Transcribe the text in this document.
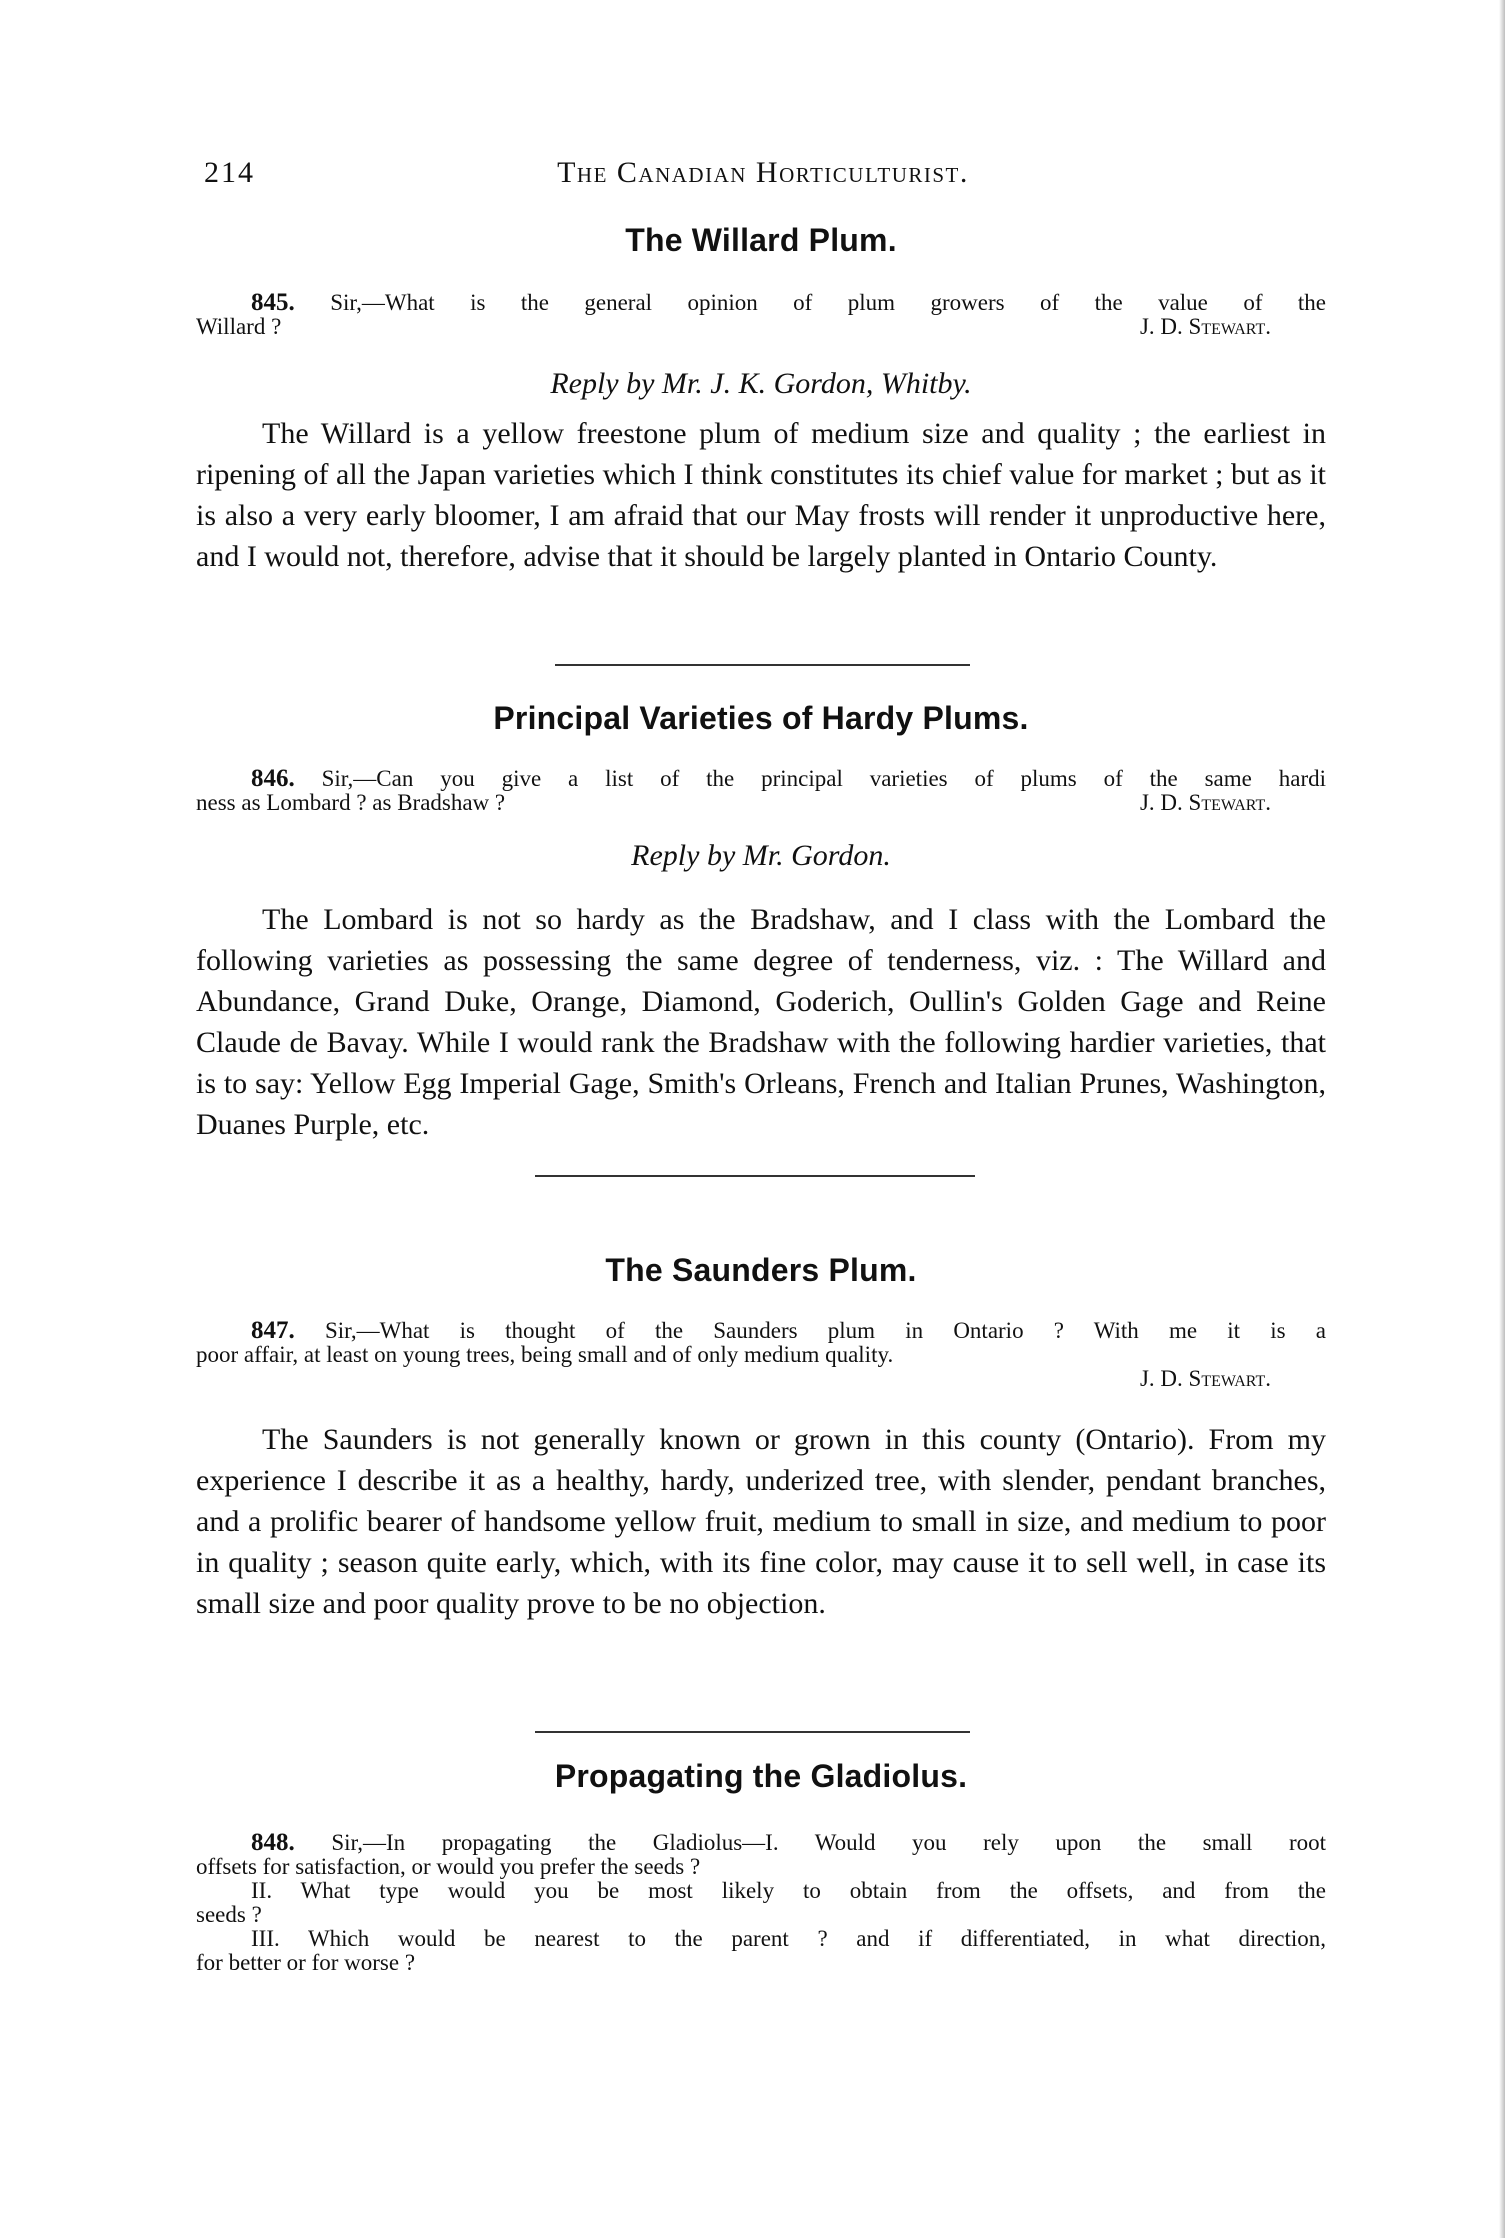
214	The Canadian Horticulturist.
The Willard Plum.
845. Sir,—What is the general opinion of plum growers of the value of the
Willard ?	J. D. Stewart.
Reply by Mr. J. K. Gordon, Whitby.

The Willard is a yellow freestone plum of medium size and quality ; the earliest in ripening of all the Japan varieties which I think constitutes its chief value for market ; but as it is also a very early bloomer, I am afraid that our May frosts will render it unproductive here, and I would not, therefore, advise that it should be largely planted in Ontario County.

Principal Varieties of Hardy Plums.
846. Sir,—Can you give a list of the principal varieties of plums of the same hardi
ness as Lombard ? as Bradshaw ?	J. D. Stewart.
Reply by Mr. Gordon.

The Lombard is not so hardy as the Bradshaw, and I class with the Lombard the following varieties as possessing the same degree of tenderness, viz. : The Willard and Abundance, Grand Duke, Orange, Diamond, Goderich, Oullin's Golden Gage and Reine Claude de Bavay. While I would rank the Bradshaw with the following hardier varieties, that is to say: Yellow Egg Imperial Gage, Smith's Orleans, French and Italian Prunes, Washington, Duanes Purple, etc.

The Saunders Plum.
847. Sir,—What is thought of the Saunders plum in Ontario ? With me it is a
poor affair, at least on young trees, being small and of only medium quality.
J. D. Stewart.

The Saunders is not generally known or grown in this county (Ontario). From my experience I describe it as a healthy, hardy, underized tree, with slender, pendant branches, and a prolific bearer of handsome yellow fruit, medium to small in size, and medium to poor in quality ; season quite early, which, with its fine color, may cause it to sell well, in case its small size and poor quality prove to be no objection.

Propagating the Gladiolus.
848. Sir,—In propagating the Gladiolus—I. Would you rely upon the small root
offsets for satisfaction, or would you prefer the seeds ?
II. What type would you be most likely to obtain from the offsets, and from the
seeds ?
III. Which would be nearest to the parent ? and if differentiated, in what direction,
for better or for worse ?
